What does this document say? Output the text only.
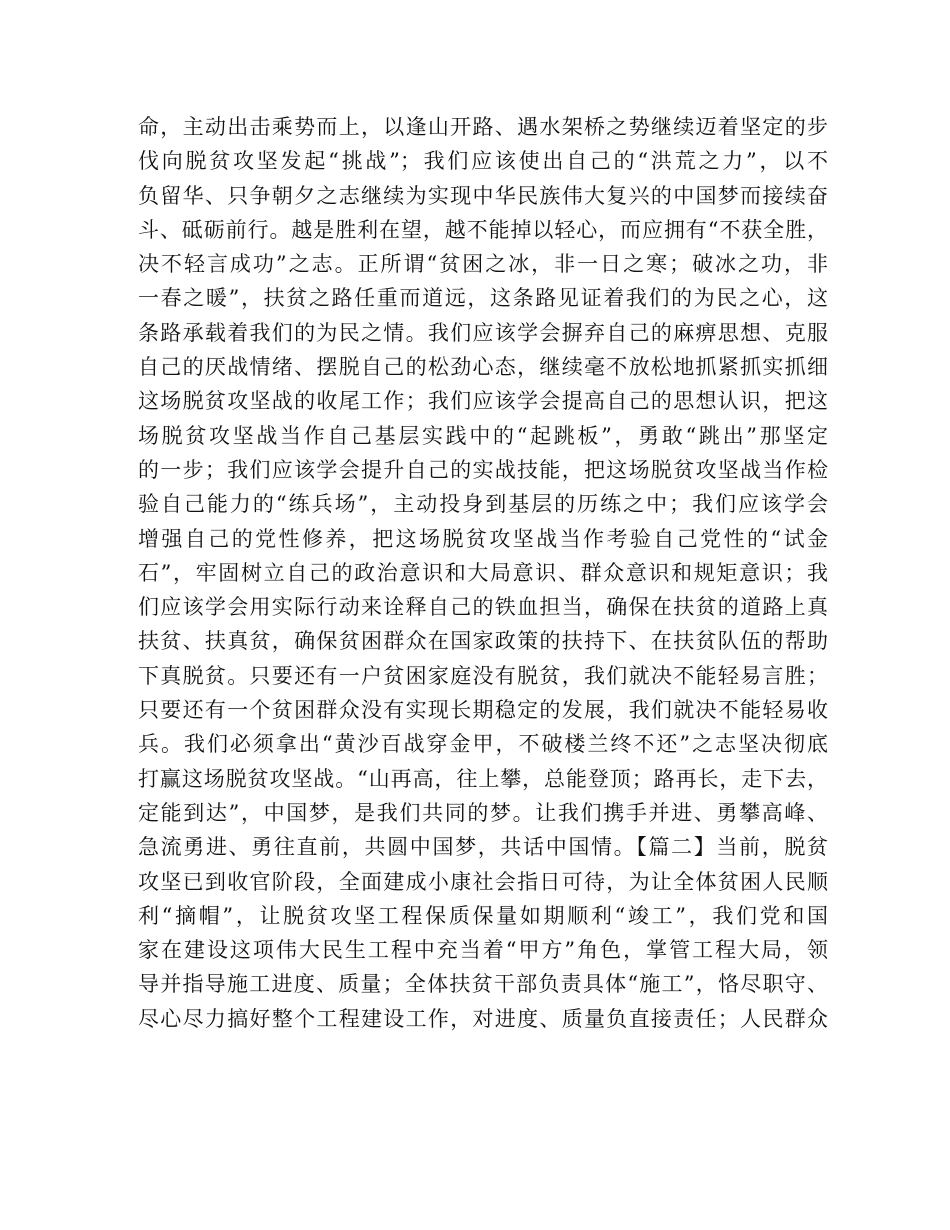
命，主动出击乘势而上，以逢山开路、遇水架桥之势继续迈着坚定的步
伐向脱贫攻坚发起“挑战”；我们应该使出自己的“洪荒之力”，以不
负留华、只争朝夕之志继续为实现中华民族伟大复兴的中国梦而接续奋
斗、砥砺前行。越是胜利在望，越不能掉以轻心，而应拥有“不获全胜，
决不轻言成功”之志。正所谓“贫困之冰，非一日之寒；破冰之功，非
一春之暖”，扶贫之路任重而道远，这条路见证着我们的为民之心，这
条路承载着我们的为民之情。我们应该学会摒弃自己的麻痹思想、克服
自己的厌战情绪、摆脱自己的松劲心态，继续毫不放松地抓紧抓实抓细
这场脱贫攻坚战的收尾工作；我们应该学会提高自己的思想认识，把这
场脱贫攻坚战当作自己基层实践中的“起跳板”，勇敢“跳出”那坚定
的一步；我们应该学会提升自己的实战技能，把这场脱贫攻坚战当作检
验自己能力的“练兵场”，主动投身到基层的历练之中；我们应该学会
增强自己的党性修养，把这场脱贫攻坚战当作考验自己党性的“试金
石”，牢固树立自己的政治意识和大局意识、群众意识和规矩意识；我
们应该学会用实际行动来诠释自己的铁血担当，确保在扶贫的道路上真
扶贫、扶真贫，确保贫困群众在国家政策的扶持下、在扶贫队伍的帮助
下真脱贫。只要还有一户贫困家庭没有脱贫，我们就决不能轻易言胜；
只要还有一个贫困群众没有实现长期稳定的发展，我们就决不能轻易收
兵。我们必须拿出“黄沙百战穿金甲，不破楼兰终不还”之志坚决彻底
打赢这场脱贫攻坚战。“山再高，往上攀，总能登顶；路再长，走下去，
定能到达”，中国梦，是我们共同的梦。让我们携手并进、勇攀高峰、
急流勇进、勇往直前，共圆中国梦，共话中国情。【篇二】当前，脱贫
攻坚已到收官阶段，全面建成小康社会指日可待，为让全体贫困人民顺
利“摘帽”，让脱贫攻坚工程保质保量如期顺利“竣工”，我们党和国
家在建设这项伟大民生工程中充当着“甲方”角色，掌管工程大局，领
导并指导施工进度、质量；全体扶贫干部负责具体“施工”，恪尽职守、
尽心尽力搞好整个工程建设工作，对进度、质量负直接责任；人民群众
